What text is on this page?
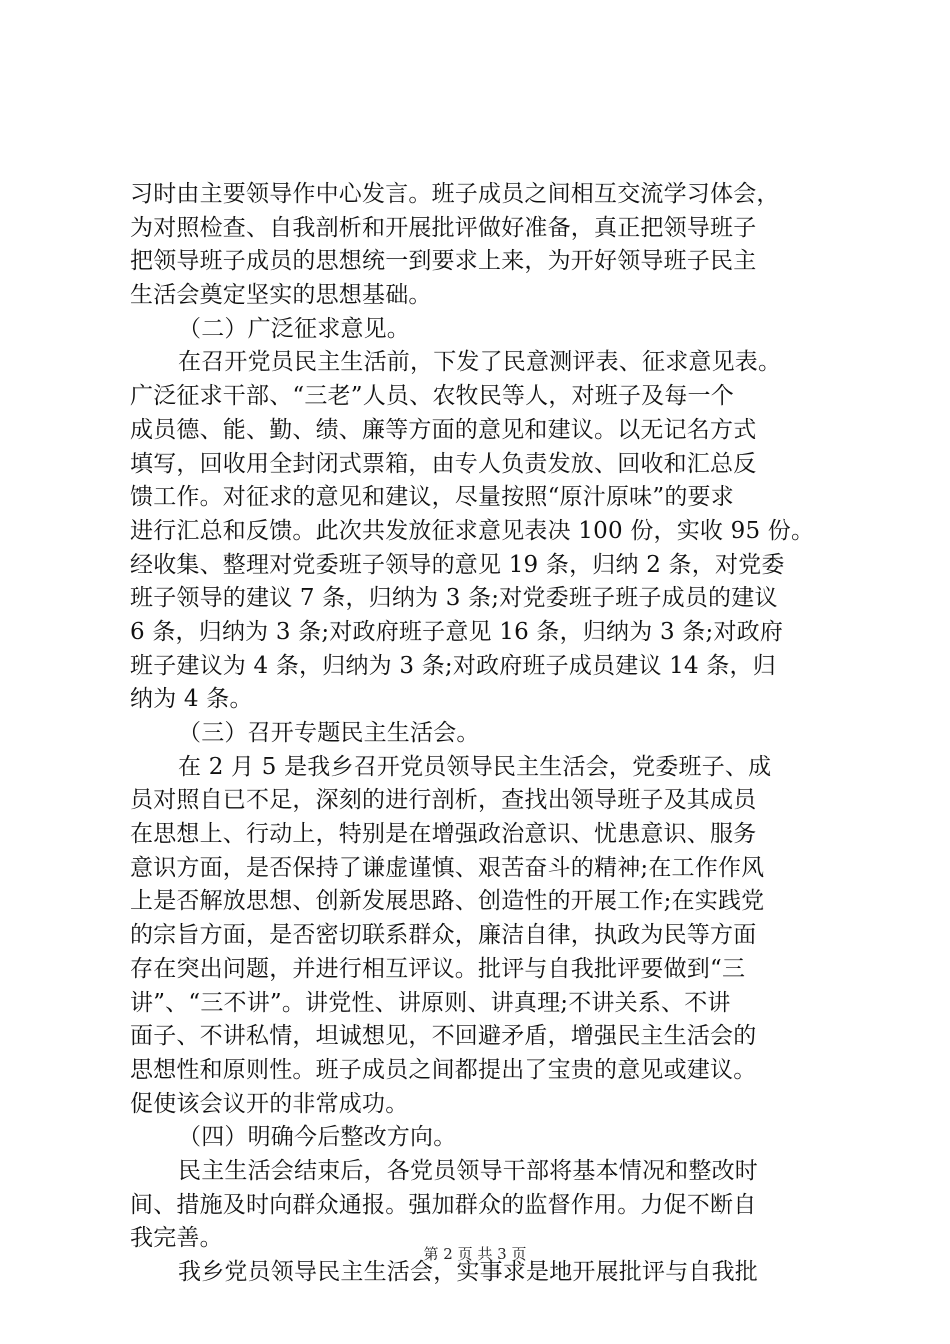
习时由主要领导作中心发言。班子成员之间相互交流学习体会，
为对照检查、自我剖析和开展批评做好准备，真正把领导班子
把领导班子成员的思想统一到要求上来，为开好领导班子民主
生活会奠定坚实的思想基础。
（二）广泛征求意见。
在召开党员民主生活前，下发了民意测评表、征求意见表。
广泛征求干部、“三老”人员、农牧民等人，对班子及每一个
成员德、能、勤、绩、廉等方面的意见和建议。以无记名方式
填写，回收用全封闭式票箱，由专人负责发放、回收和汇总反
馈工作。对征求的意见和建议，尽量按照“原汁原味”的要求
进行汇总和反馈。此次共发放征求意见表决 100 份，实收 95 份。
经收集、整理对党委班子领导的意见 19 条，归纳 2 条，对党委
班子领导的建议 7 条，归纳为 3 条;对党委班子班子成员的建议
6 条，归纳为 3 条;对政府班子意见 16 条，归纳为 3 条;对政府
班子建议为 4 条，归纳为 3 条;对政府班子成员建议 14 条，归
纳为 4 条。
（三）召开专题民主生活会。
在 2 月 5 是我乡召开党员领导民主生活会，党委班子、成
员对照自已不足，深刻的进行剖析，查找出领导班子及其成员
在思想上、行动上，特别是在增强政治意识、忧患意识、服务
意识方面，是否保持了谦虚谨慎、艰苦奋斗的精神;在工作作风
上是否解放思想、创新发展思路、创造性的开展工作;在实践党
的宗旨方面，是否密切联系群众，廉洁自律，执政为民等方面
存在突出问题，并进行相互评议。批评与自我批评要做到“三
讲”、“三不讲”。讲党性、讲原则、讲真理;不讲关系、不讲
面子、不讲私情，坦诚想见，不回避矛盾，增强民主生活会的
思想性和原则性。班子成员之间都提出了宝贵的意见或建议。
促使该会议开的非常成功。
（四）明确今后整改方向。
民主生活会结束后，各党员领导干部将基本情况和整改时
间、措施及时向群众通报。强加群众的监督作用。力促不断自
我完善。
我乡党员领导民主生活会，实事求是地开展批评与自我批
第 2 页 共 3 页
